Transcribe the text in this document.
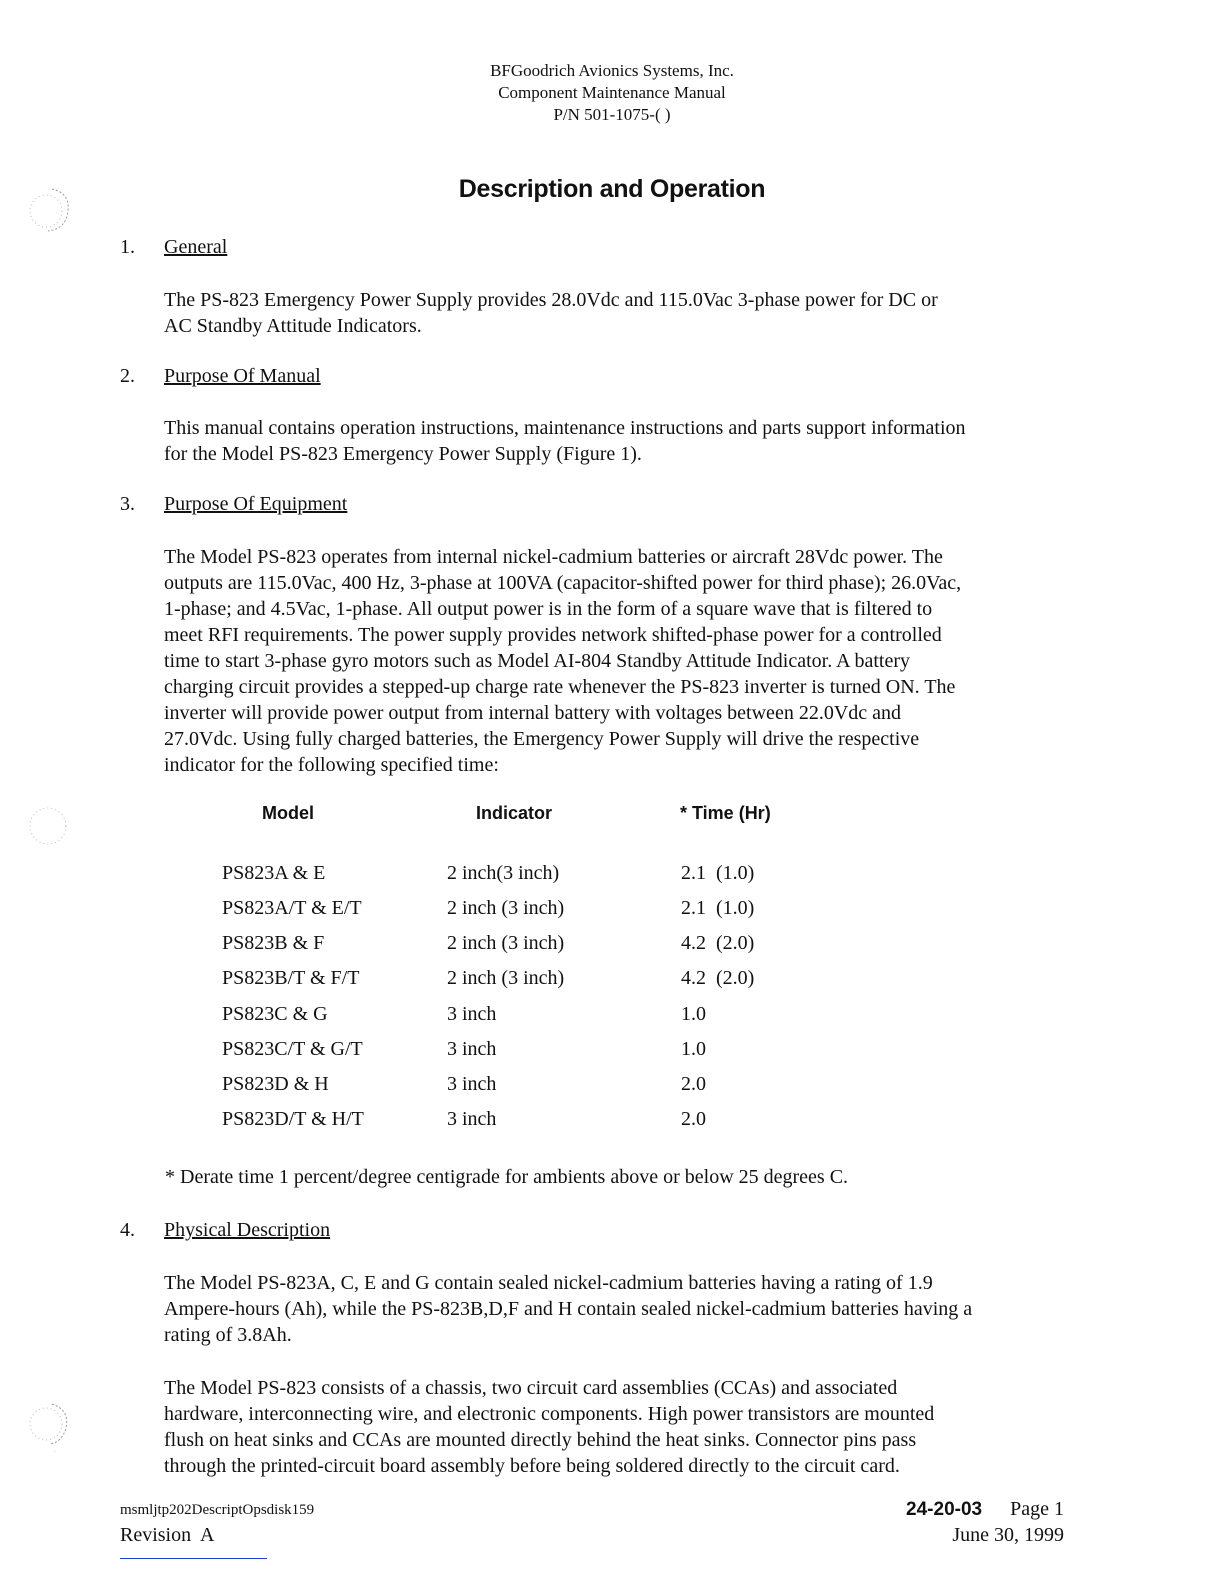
BFGoodrich Avionics Systems, Inc.
Component Maintenance Manual
P/N 501-1075-( )
Description and Operation
1. General
The PS-823 Emergency Power Supply provides 28.0Vdc and 115.0Vac 3-phase power for DC or
AC Standby Attitude Indicators.
2. Purpose Of Manual
This manual contains operation instructions, maintenance instructions and parts support information
for the Model PS-823 Emergency Power Supply (Figure 1).
3. Purpose Of Equipment
The Model PS-823 operates from internal nickel-cadmium batteries or aircraft 28Vdc power. The
outputs are 115.0Vac, 400 Hz, 3-phase at 100VA (capacitor-shifted power for third phase); 26.0Vac,
1-phase; and 4.5Vac, 1-phase. All output power is in the form of a square wave that is filtered to
meet RFI requirements. The power supply provides network shifted-phase power for a controlled
time to start 3-phase gyro motors such as Model AI-804 Standby Attitude Indicator. A battery
charging circuit provides a stepped-up charge rate whenever the PS-823 inverter is turned ON. The
inverter will provide power output from internal battery with voltages between 22.0Vdc and
27.0Vdc. Using fully charged batteries, the Emergency Power Supply will drive the respective
indicator for the following specified time:
Model	Indicator	* Time (Hr)
PS823A & E	2 inch(3 inch)	2.1  (1.0)
PS823A/T & E/T	2 inch (3 inch)	2.1  (1.0)
PS823B & F	2 inch (3 inch)	4.2  (2.0)
PS823B/T & F/T	2 inch (3 inch)	4.2  (2.0)
PS823C & G	3 inch	1.0
PS823C/T & G/T	3 inch	1.0
PS823D & H	3 inch	2.0
PS823D/T & H/T	3 inch	2.0
* Derate time 1 percent/degree centigrade for ambients above or below 25 degrees C.
4. Physical Description
The Model PS-823A, C, E and G contain sealed nickel-cadmium batteries having a rating of 1.9
Ampere-hours (Ah), while the PS-823B,D,F and H contain sealed nickel-cadmium batteries having a
rating of 3.8Ah.
The Model PS-823 consists of a chassis, two circuit card assemblies (CCAs) and associated
hardware, interconnecting wire, and electronic components. High power transistors are mounted
flush on heat sinks and CCAs are mounted directly behind the heat sinks. Connector pins pass
through the printed-circuit board assembly before being soldered directly to the circuit card.
msmljtp202DescriptOpsdisk159
Revision  A
24-20-03 Page 1
June 30, 1999
